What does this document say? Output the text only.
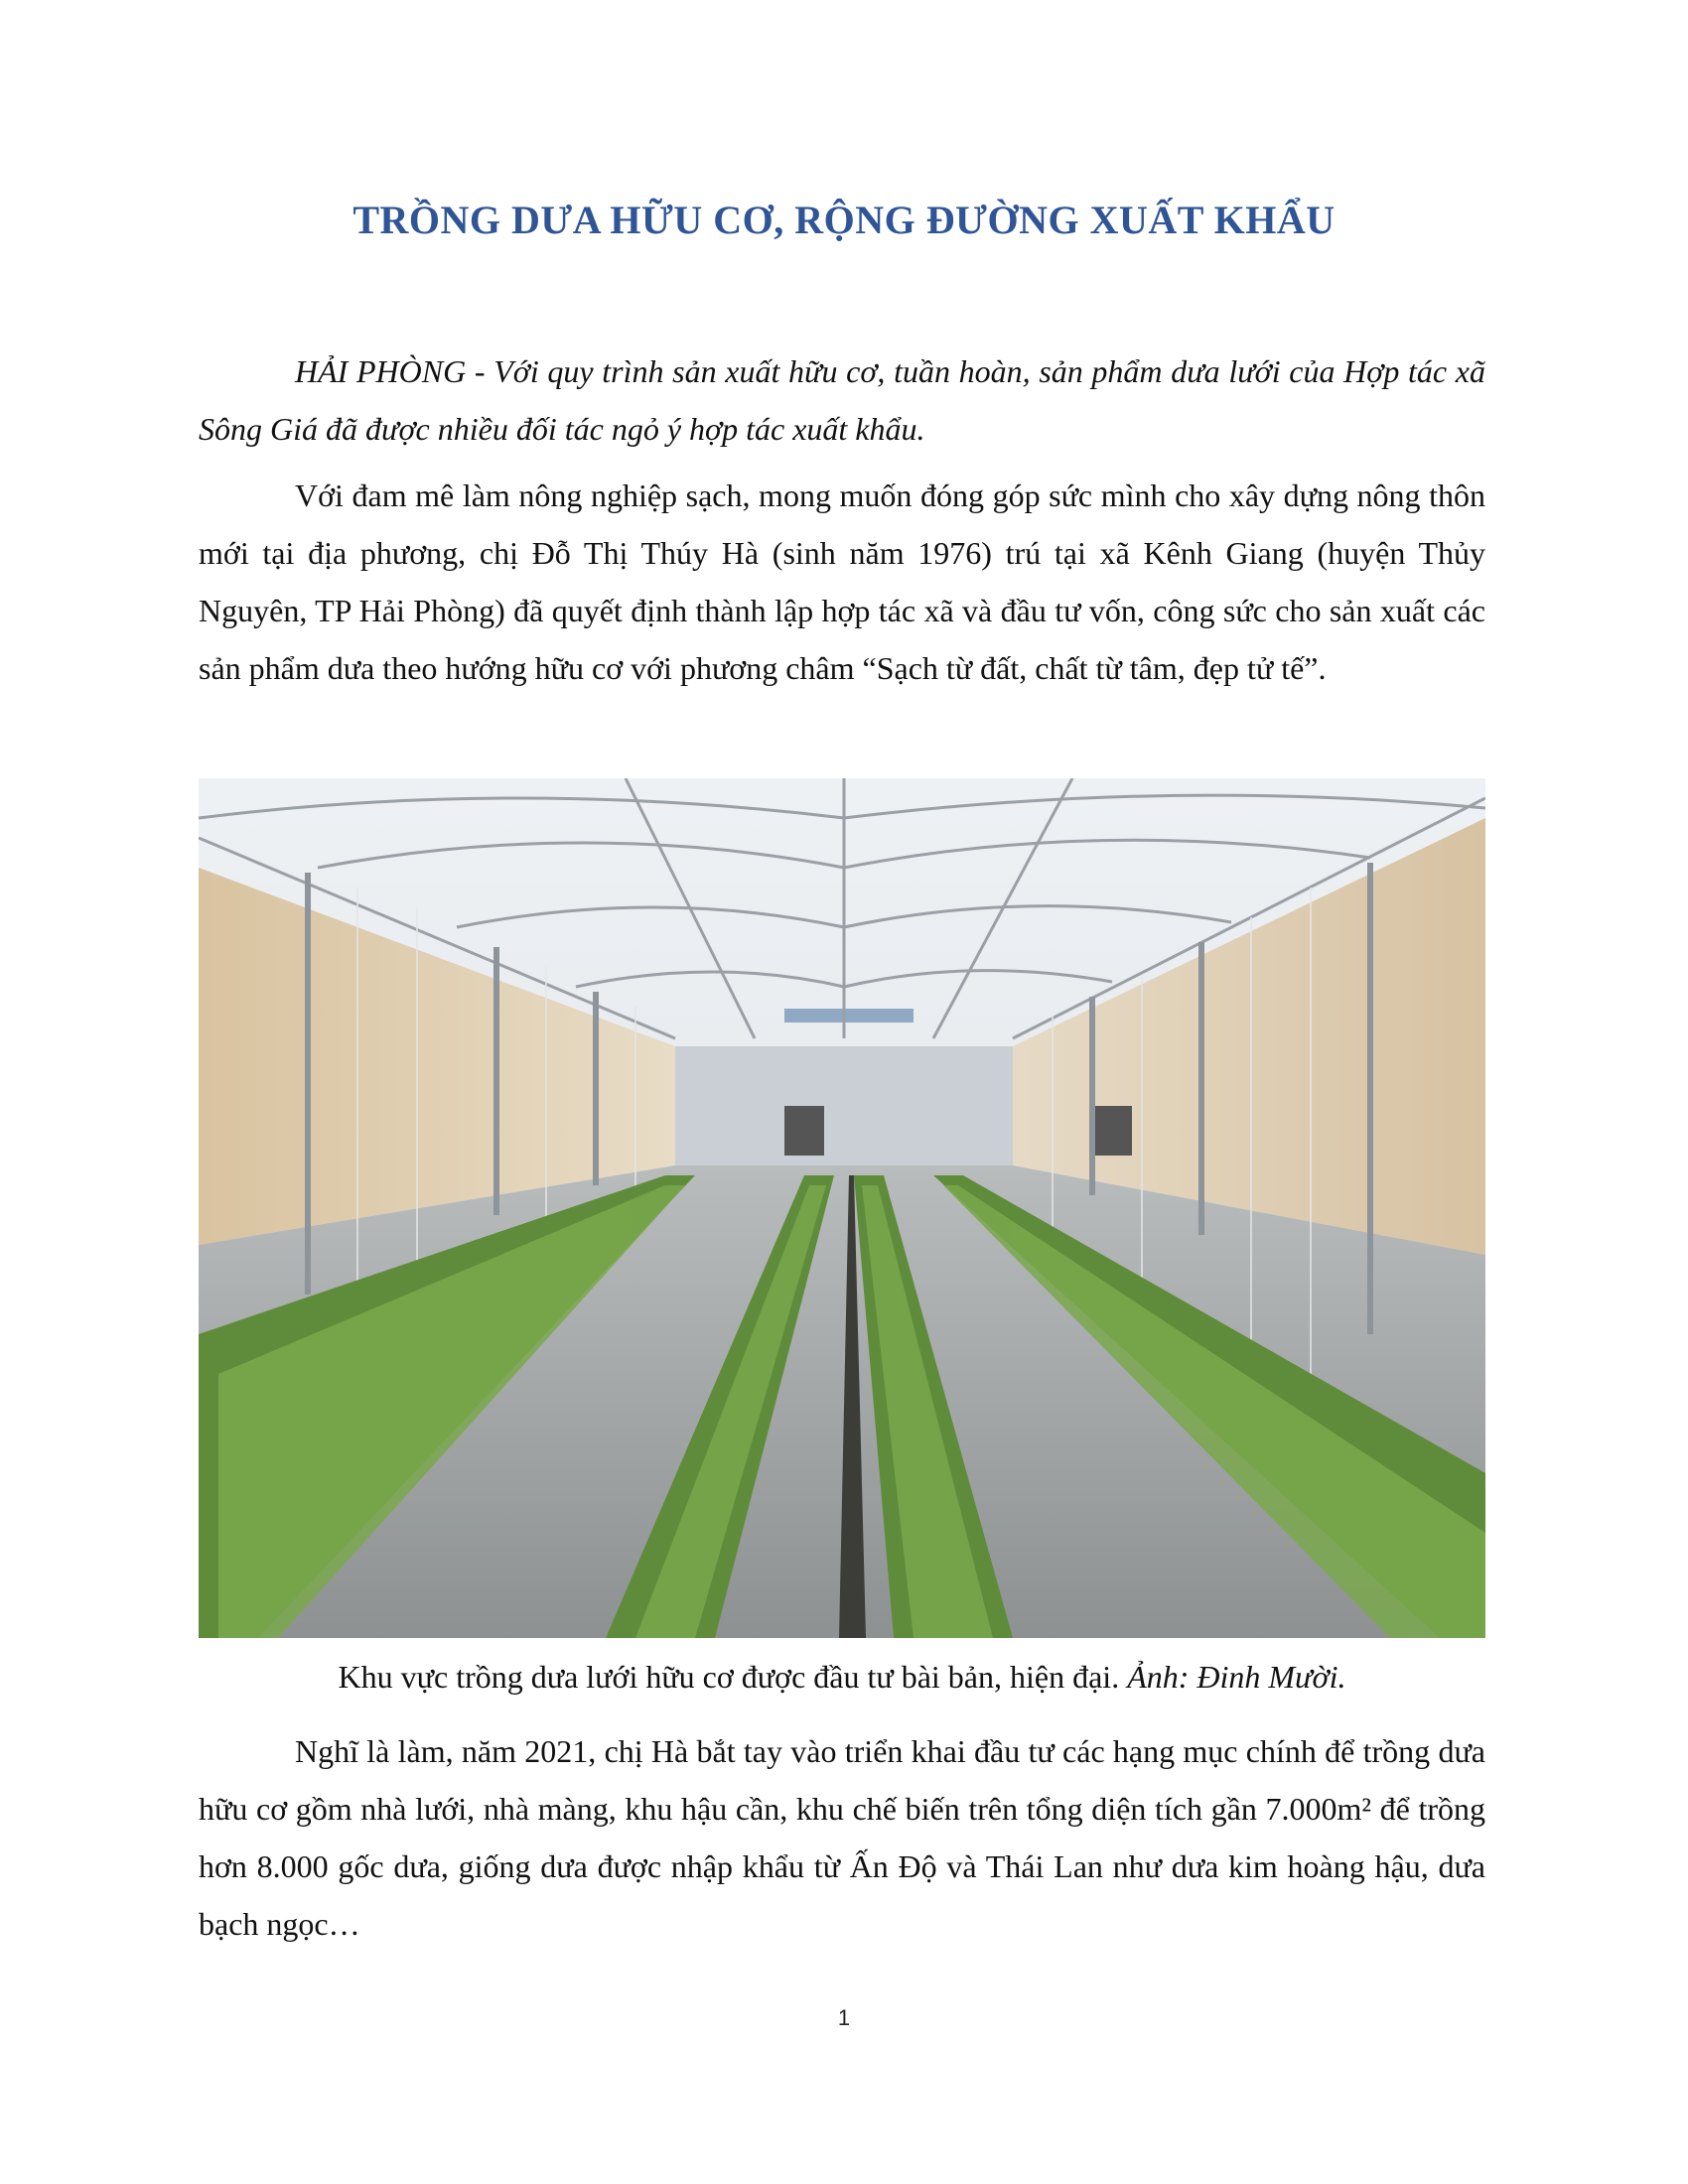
TRỒNG DƯA HỮU CƠ, RỘNG ĐƯỜNG XUẤT KHẨU

HẢI PHÒNG - Với quy trình sản xuất hữu cơ, tuần hoàn, sản phẩm dưa lưới của Hợp tác xã Sông Giá đã được nhiều đối tác ngỏ ý hợp tác xuất khẩu.

Với đam mê làm nông nghiệp sạch, mong muốn đóng góp sức mình cho xây dựng nông thôn mới tại địa phương, chị Đỗ Thị Thúy Hà (sinh năm 1976) trú tại xã Kênh Giang (huyện Thủy Nguyên, TP Hải Phòng) đã quyết định thành lập hợp tác xã và đầu tư vốn, công sức cho sản xuất các sản phẩm dưa theo hướng hữu cơ với phương châm “Sạch từ đất, chất từ tâm, đẹp tử tế”.

Khu vực trồng dưa lưới hữu cơ được đầu tư bài bản, hiện đại. Ảnh: Đinh Mười.

Nghĩ là làm, năm 2021, chị Hà bắt tay vào triển khai đầu tư các hạng mục chính để trồng dưa hữu cơ gồm nhà lưới, nhà màng, khu hậu cần, khu chế biến trên tổng diện tích gần 7.000m² để trồng hơn 8.000 gốc dưa, giống dưa được nhập khẩu từ Ấn Độ và Thái Lan như dưa kim hoàng hậu, dưa bạch ngọc…

1
